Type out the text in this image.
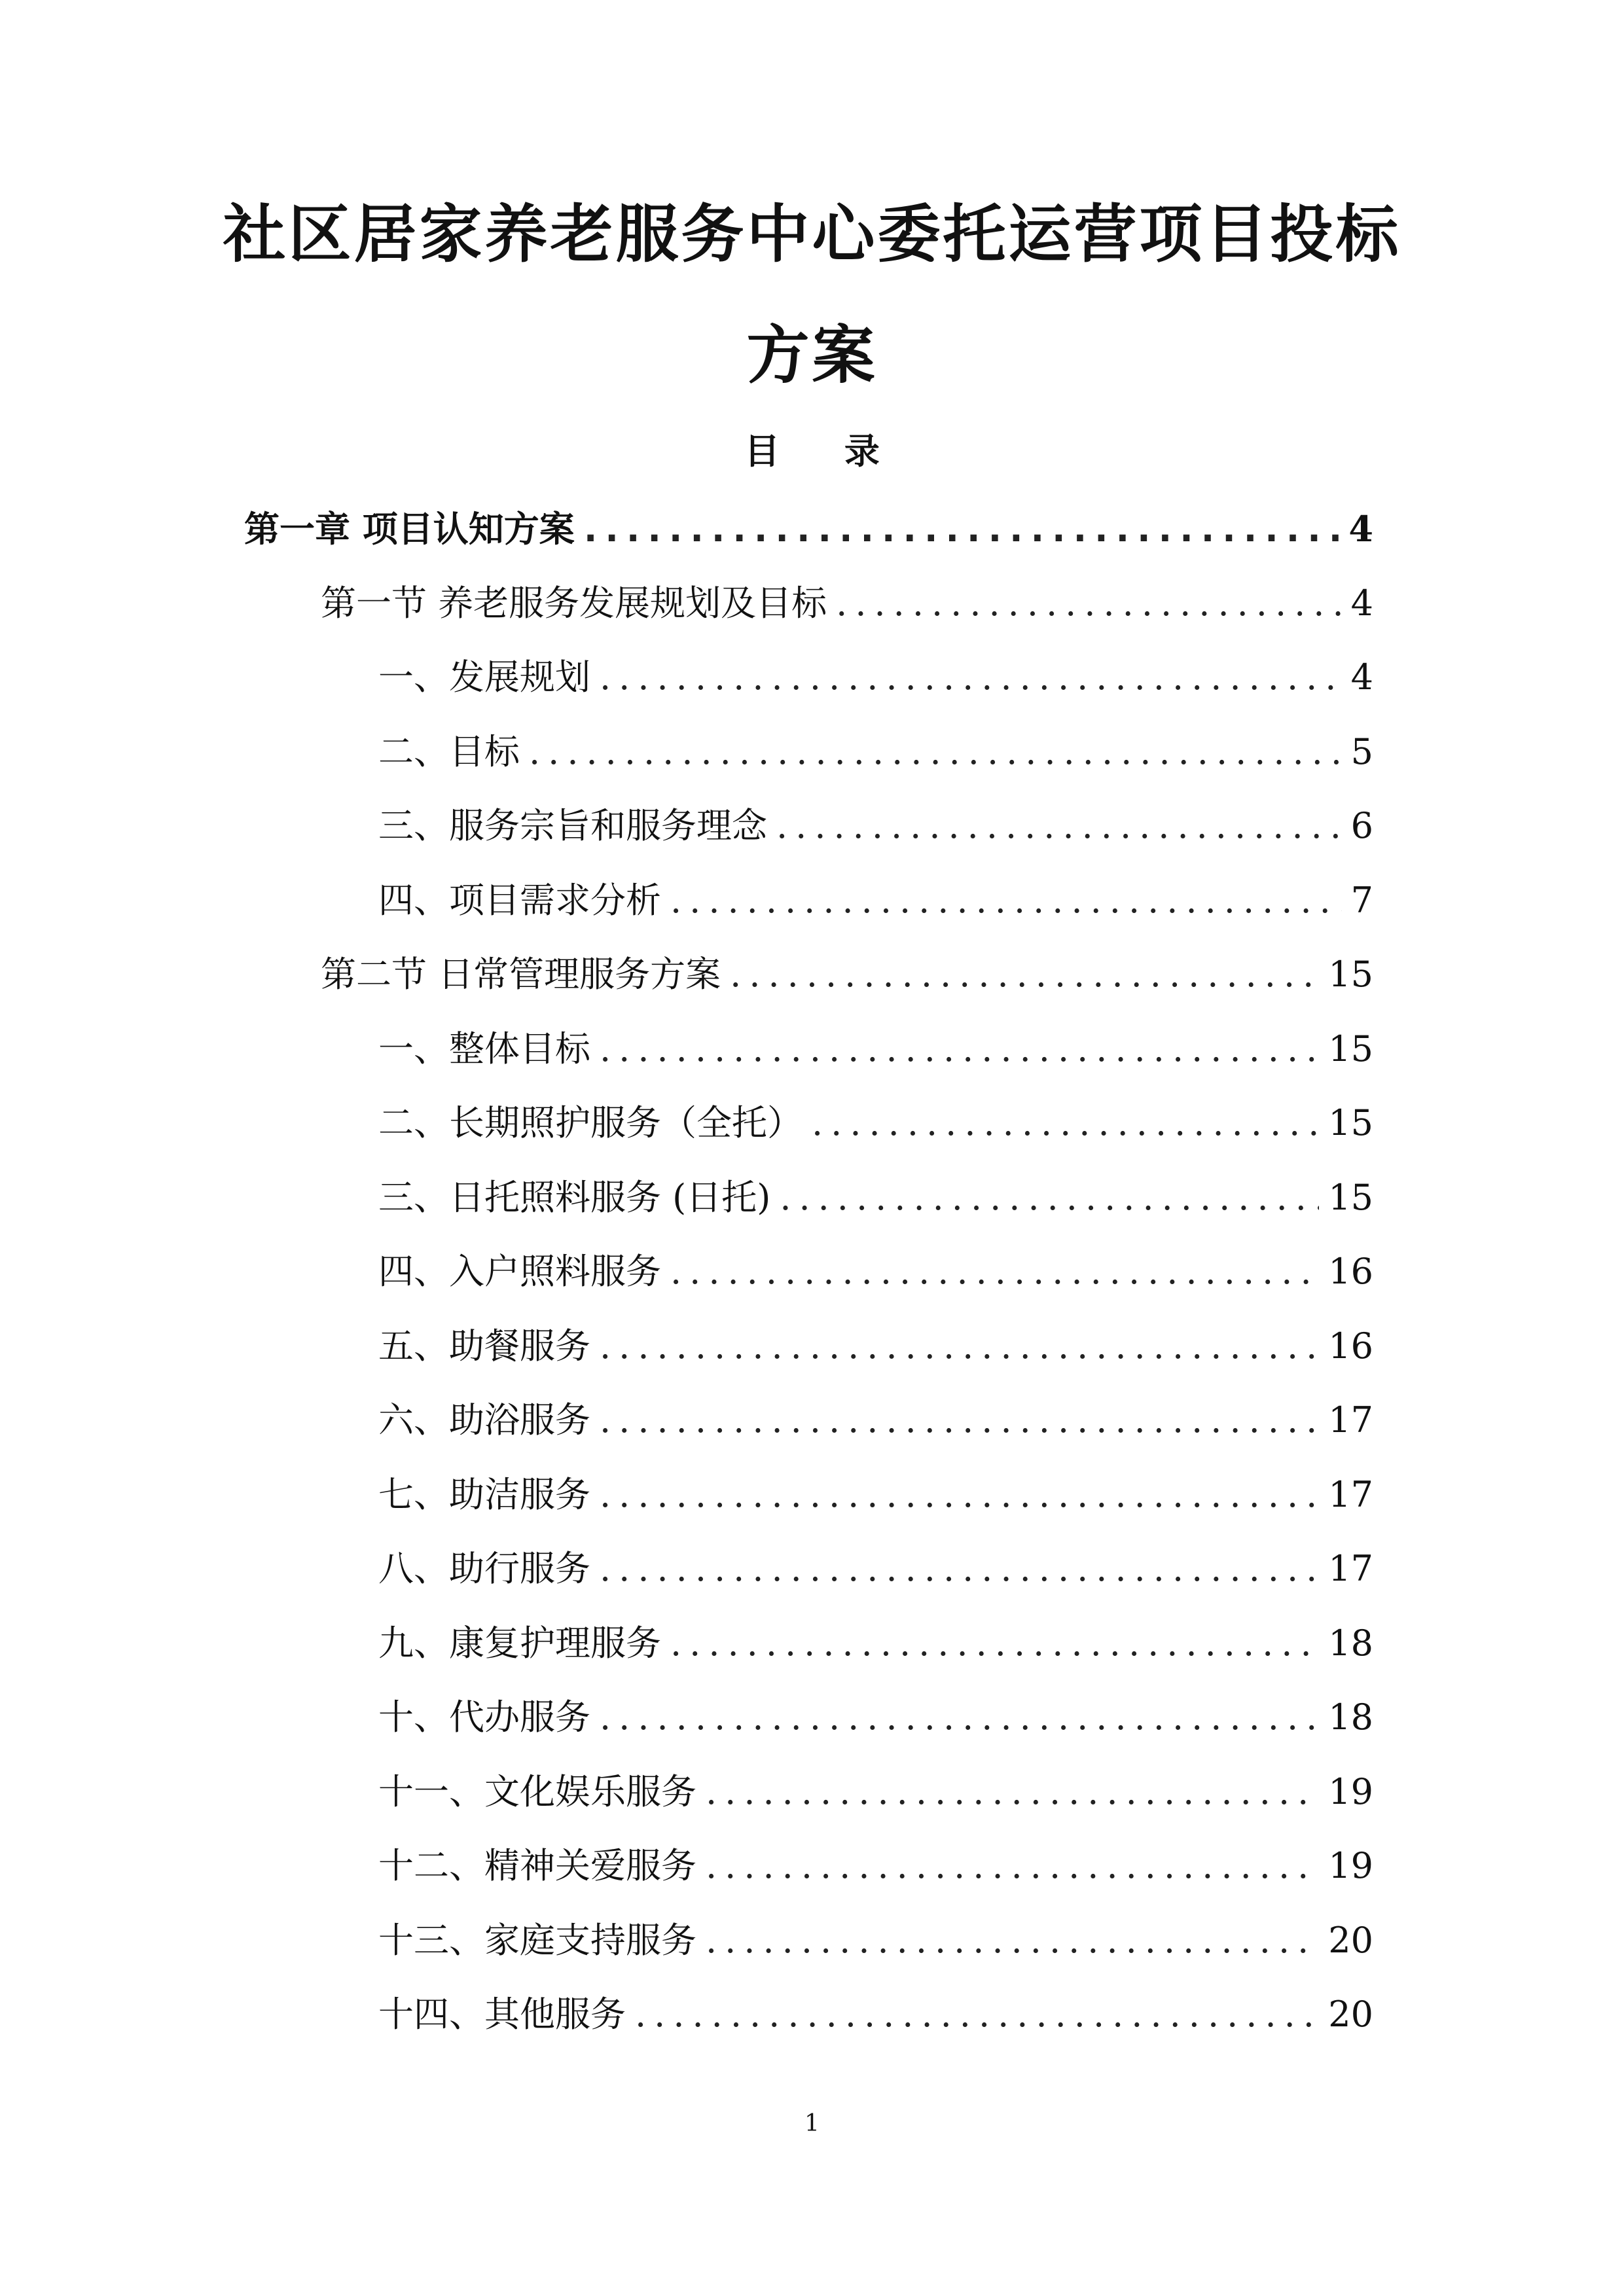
社区居家养老服务中心委托运营项目投标
方案
目 录
第一章 项目认知方案 .....	4
第一节 养老服务发展规划及目标 .....	4
一、发展规划 .....	4
二、目标 .....	5
三、服务宗旨和服务理念 .....	6
四、项目需求分析 .....	7
第二节 日常管理服务方案 .....	15
一、整体目标 .....	15
二、长期照护服务（全托） .....	15
三、日托照料服务 (日托) .....	15
四、入户照料服务 .....	16
五、助餐服务 .....	16
六、助浴服务 .....	17
七、助洁服务 .....	17
八、助行服务 .....	17
九、康复护理服务 .....	18
十、代办服务 .....	18
十一、文化娱乐服务 .....	19
十二、精神关爱服务 .....	19
十三、家庭支持服务 .....	20
十四、其他服务 .....	20
1
